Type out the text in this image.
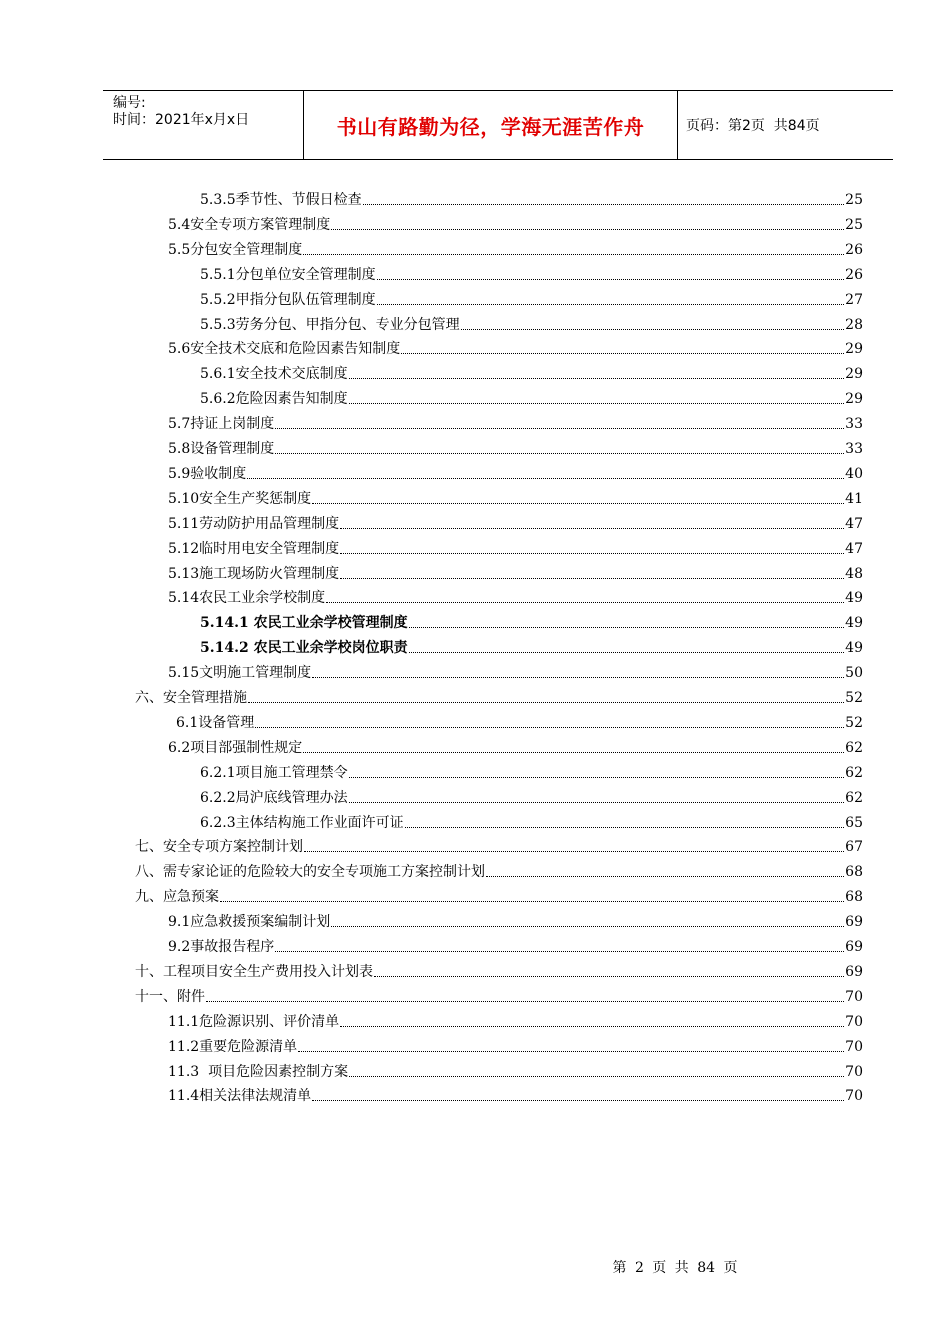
编号:
时间：2021年x月x日	书山有路勤为径，学海无涯苦作舟	页码：第2页  共84页
5.3.5季节性、节假日检查	25
5.4安全专项方案管理制度	25
5.5分包安全管理制度	26
5.5.1分包单位安全管理制度	26
5.5.2甲指分包队伍管理制度	27
5.5.3劳务分包、甲指分包、专业分包管理	28
5.6安全技术交底和危险因素告知制度	29
5.6.1安全技术交底制度	29
5.6.2危险因素告知制度	29
5.7持证上岗制度	33
5.8设备管理制度	33
5.9验收制度	40
5.10安全生产奖惩制度	41
5.11劳动防护用品管理制度	47
5.12临时用电安全管理制度	47
5.13施工现场防火管理制度	48
5.14农民工业余学校制度	49
5.14.1 农民工业余学校管理制度	49
5.14.2 农民工业余学校岗位职责	49
5.15文明施工管理制度	50
六、安全管理措施	52
6.1设备管理	52
6.2项目部强制性规定	62
6.2.1项目施工管理禁令	62
6.2.2局沪底线管理办法	62
6.2.3主体结构施工作业面许可证	65
七、安全专项方案控制计划	67
八、需专家论证的危险较大的安全专项施工方案控制计划	68
九、应急预案	68
9.1应急救援预案编制计划	69
9.2事故报告程序	69
十、工程项目安全生产费用投入计划表	69
十一、附件	70
11.1危险源识别、评价清单	70
11.2重要危险源清单	70
11.3  项目危险因素控制方案	70
11.4相关法律法规清单	70
第 2 页 共 84 页
